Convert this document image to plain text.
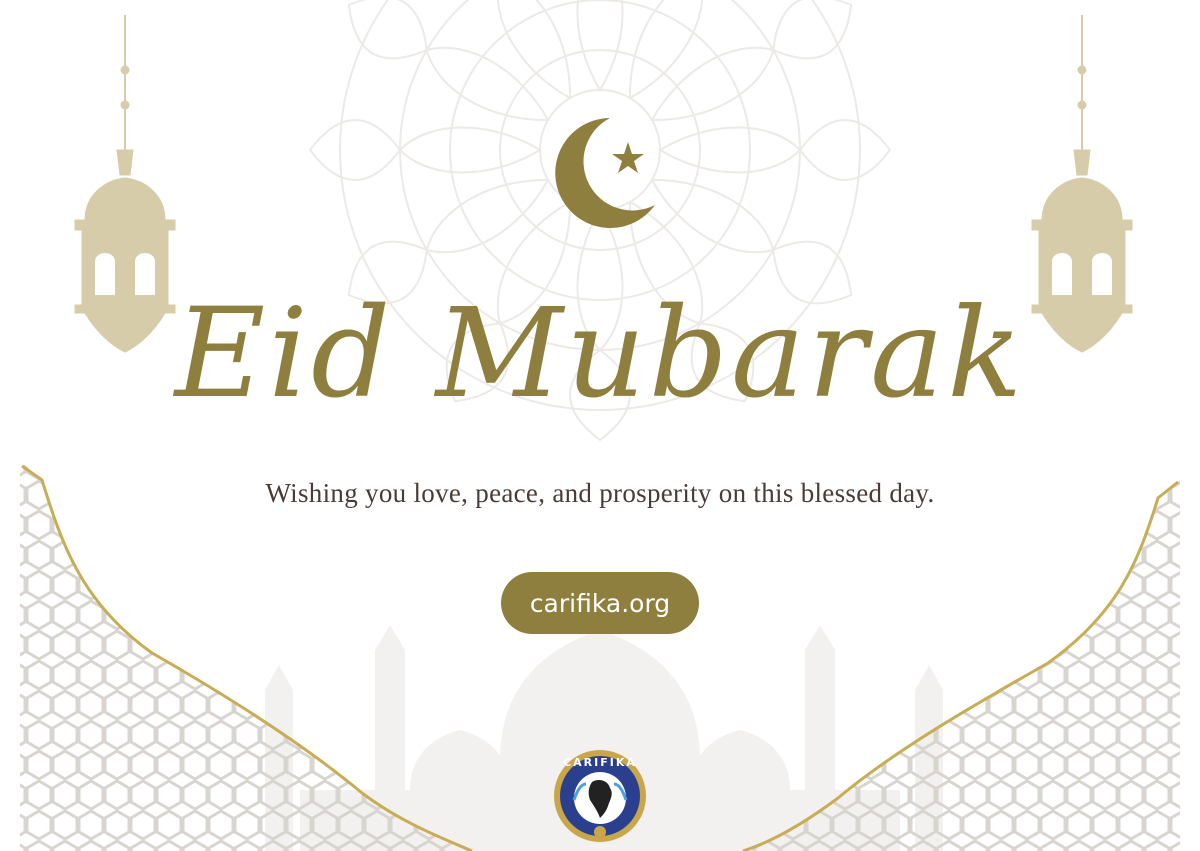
Eid Mubarak
Wishing you love, peace, and prosperity on this blessed day.
carifika.org
CARIFIKA
